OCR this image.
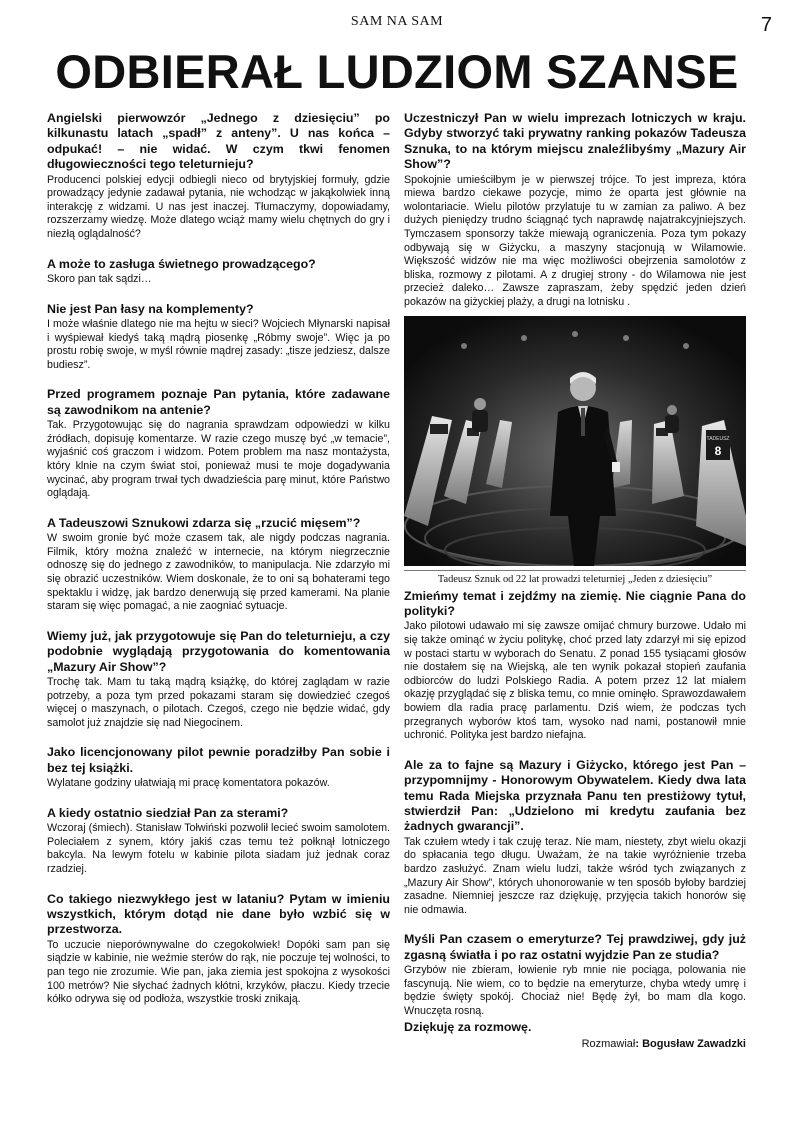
SAM NA SAM	7
ODBIERAŁ LUDZIOM SZANSE

Angielski pierwowzór „Jednego z dziesięciu” po kilkunastu latach „spadł” z anteny”. U nas końca – odpukać! – nie widać. W czym tkwi fenomen długowieczności tego teleturnieju?

Producenci polskiej edycji odbiegli nieco od brytyjskiej formuły, gdzie prowadzący jedynie zadawał pytania, nie wchodząc w jakąkolwiek inną interakcję z widzami. U nas jest inaczej. Tłumaczymy, dopowiadamy, rozszerzamy wiedzę. Może dlatego wciąż mamy wielu chętnych do gry i niezłą oglądalność?

A może to zasługa świetnego prowadzącego?

Skoro pan tak sądzi…

Nie jest Pan łasy na komplementy?

I może właśnie dlatego nie ma hejtu w sieci? Wojciech Młynarski napisał i wyśpiewał kiedyś taką mądrą piosenkę „Róbmy swoje”. Więc ja po prostu robię swoje, w myśl równie mądrej zasady: „tisze jedziesz, dalsze budiesz”.

Przed programem poznaje Pan pytania, które zadawane są zawodnikom na antenie?

Tak. Przygotowując się do nagrania sprawdzam odpowiedzi w kilku źródłach, dopisuję komentarze. W razie czego muszę być „w temacie”, wyjaśnić coś graczom i widzom. Potem problem ma nasz montażysta, który klnie na czym świat stoi, ponieważ musi te moje dogadywania wycinać, aby program trwał tych dwadzieścia parę minut, które Państwo oglądają.

A Tadeuszowi Sznukowi zdarza się „rzucić mięsem”?

W swoim gronie być może czasem tak, ale nigdy podczas nagrania. Filmik, który można znaleźć w internecie, na którym niegrzecznie odnoszę się do jednego z zawodników, to manipulacja. Nie zdarzyło mi się obrazić uczestników. Wiem doskonale, że to oni są bohaterami tego spektaklu i widzę, jak bardzo denerwują się przed kamerami. Na planie staram się więc pomagać, a nie zaogniać sytuacje.

Wiemy już, jak przygotowuje się Pan do teleturnieju, a czy podobnie wyglądają przygotowania do komentowania „Mazury Air Show”?

Trochę tak. Mam tu taką mądrą książkę, do której zaglądam w razie potrzeby, a poza tym przed pokazami staram się dowiedzieć czegoś więcej o maszynach, o pilotach. Czegoś, czego nie będzie widać, gdy samolot już znajdzie się nad Niegocinem.

Jako licencjonowany pilot pewnie poradziłby Pan sobie i bez tej książki.

Wylatane godziny ułatwiają mi pracę komentatora pokazów.

A kiedy ostatnio siedział Pan za sterami?

Wczoraj (śmiech). Stanisław Tołwiński pozwolił lecieć swoim samolotem. Poleciałem z synem, który jakiś czas temu też połknął lotniczego bakcyla. Na lewym fotelu w kabinie pilota siadam już jednak coraz rzadziej.

Co takiego niezwykłego jest w lataniu? Pytam w imieniu wszystkich, którym dotąd nie dane było wzbić się w przestworza.

To uczucie nieporównywalne do czegokolwiek! Dopóki sam pan się siądzie w kabinie, nie weźmie sterów do rąk, nie poczuje tej wolności, to pan tego nie zrozumie. Wie pan, jaka ziemia jest spokojna z wysokości 100 metrów? Nie słychać żadnych kłótni, krzyków, płaczu. Kiedy trzecie kółko odrywa się od podłoża, wszystkie troski znikają.

Uczestniczył Pan w wielu imprezach lotniczych w kraju. Gdyby stworzyć taki prywatny ranking pokazów Tadeusza Sznuka, to na którym miejscu znaleźlibyśmy „Mazury Air Show”?

Spokojnie umieściłbym je w pierwszej trójce. To jest impreza, która miewa bardzo ciekawe pozycje, mimo że oparta jest głównie na wolontariacie. Wielu pilotów przylatuje tu w zamian za paliwo. A bez dużych pieniędzy trudno ściągnąć tych naprawdę najatrakcyjniejszych. Tymczasem sponsorzy także miewają ograniczenia. Poza tym pokazy odbywają się w Giżycku, a maszyny stacjonują w Wilamowie. Większość widzów nie ma więc możliwości obejrzenia samolotów z bliska, rozmowy z pilotami. A z drugiej strony - do Wilamowa nie jest przecież daleko… Zawsze zapraszam, żeby spędzić jeden dzień pokazów na giżyckiej plaży, a drugi na lotnisku .

TADEUSZ
8
Tadeusz Sznuk od 22 lat prowadzi teleturniej „Jeden z dziesięciu”

Zmieńmy temat i zejdźmy na ziemię. Nie ciągnie Pana do polityki?

Jako pilotowi udawało mi się zawsze omijać chmury burzowe. Udało mi się także ominąć w życiu politykę, choć przed laty zdarzył mi się epizod w postaci startu w wyborach do Senatu. Z ponad 155 tysiącami głosów nie dostałem się na Wiejską, ale ten wynik pokazał stopień zaufania odbiorców do ludzi Polskiego Radia. A potem przez 12 lat miałem okazję przyglądać się z bliska temu, co mnie ominęło. Sprawozdawałem bowiem dla radia pracę parlamentu. Dziś wiem, że podczas tych przegranych wyborów ktoś tam, wysoko nad nami, postanowił mnie uchronić. Polityka jest bardzo niefajna.

Ale za to fajne są Mazury i Giżycko, którego jest Pan – przypomnijmy - Honorowym Obywatelem. Kiedy dwa lata temu Rada Miejska przyznała Panu ten prestiżowy tytuł, stwierdził Pan: „Udzielono mi kredytu zaufania bez żadnych gwarancji”.

Tak czułem wtedy i tak czuję teraz. Nie mam, niestety, zbyt wielu okazji do spłacania tego długu. Uważam, że na takie wyróżnienie trzeba bardzo zasłużyć. Znam wielu ludzi, także wśród tych związanych z „Mazury Air Show”, których uhonorowanie w ten sposób byłoby bardziej zasadne. Niemniej jeszcze raz dziękuję, przyjęcia takich honorów się nie odmawia.

Myśli Pan czasem o emeryturze? Tej prawdziwej, gdy już zgasną światła i po raz ostatni wyjdzie Pan ze studia?

Grzybów nie zbieram, łowienie ryb mnie nie pociąga, polowania nie fascynują. Nie wiem, co to będzie na emeryturze, chyba wtedy umrę i będzie święty spokój. Chociaż nie! Będę żył, bo mam dla kogo. Wnuczęta rosną.

Dziękuję za rozmowę.

Rozmawiał: Bogusław Zawadzki
